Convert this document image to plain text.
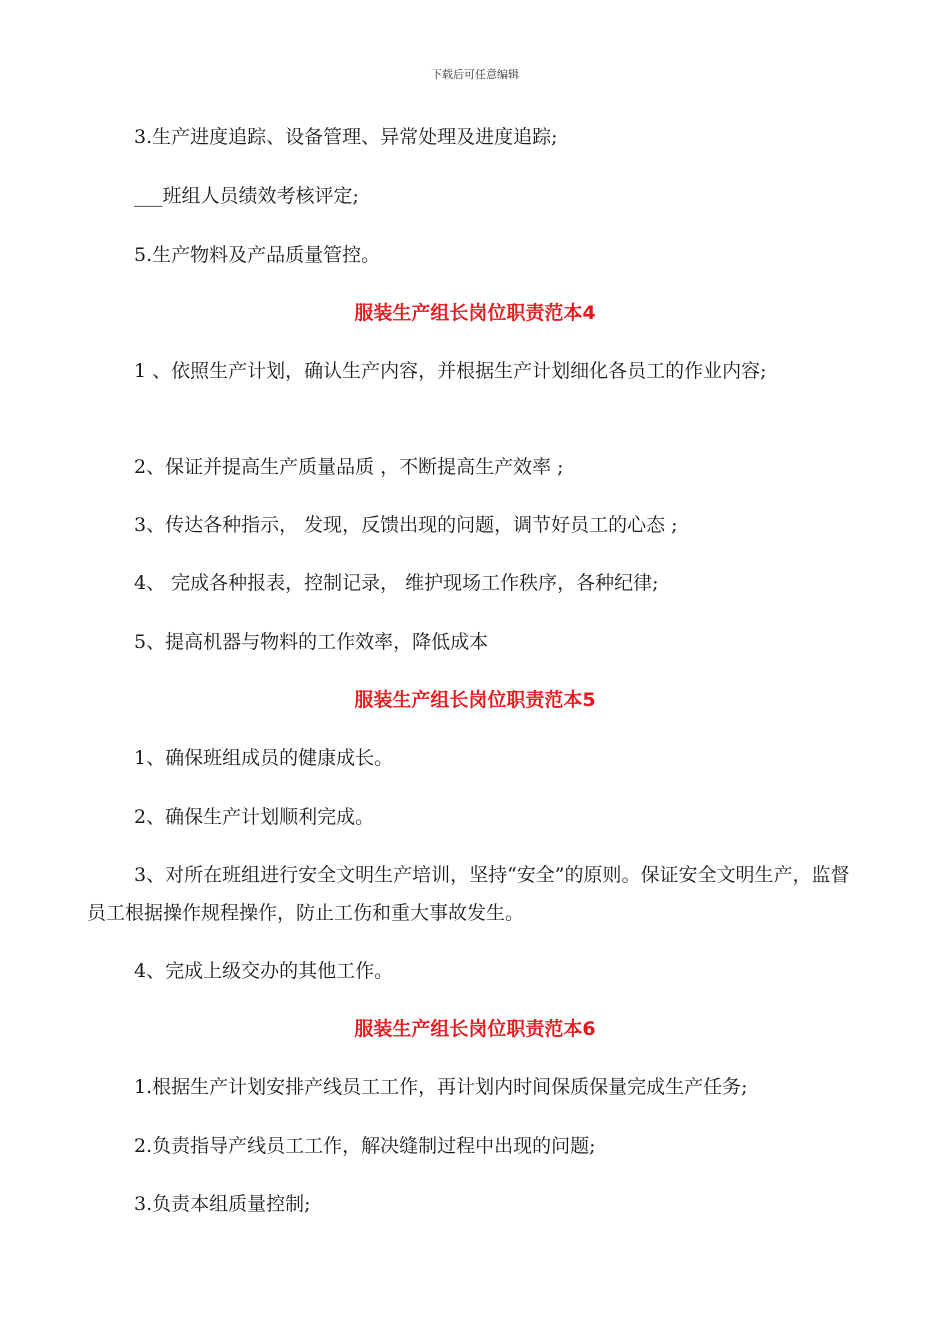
下载后可任意编辑
3.生产进度追踪、设备管理、异常处理及进度追踪;
___班组人员绩效考核评定;
5.生产物料及产品质量管控。
服装生产组长岗位职责范本4
1 、依照生产计划，确认生产内容，并根据生产计划细化各员工的作业内容;
2、保证并提高生产质量品质 ，不断提高生产效率 ;
3、传达各种指示， 发现，反馈出现的问题，调节好员工的心态 ;
4、 完成各种报表，控制记录， 维护现场工作秩序，各种纪律;
5、提高机器与物料的工作效率，降低成本
服装生产组长岗位职责范本5
1、确保班组成员的健康成长。
2、确保生产计划顺利完成。
3、对所在班组进行安全文明生产培训，坚持“安全”的原则。保证安全文明生产，监督员工根据操作规程操作，防止工伤和重大事故发生。
4、完成上级交办的其他工作。
服装生产组长岗位职责范本6
1.根据生产计划安排产线员工工作，再计划内时间保质保量完成生产任务;
2.负责指导产线员工工作，解决缝制过程中出现的问题;
3.负责本组质量控制;
